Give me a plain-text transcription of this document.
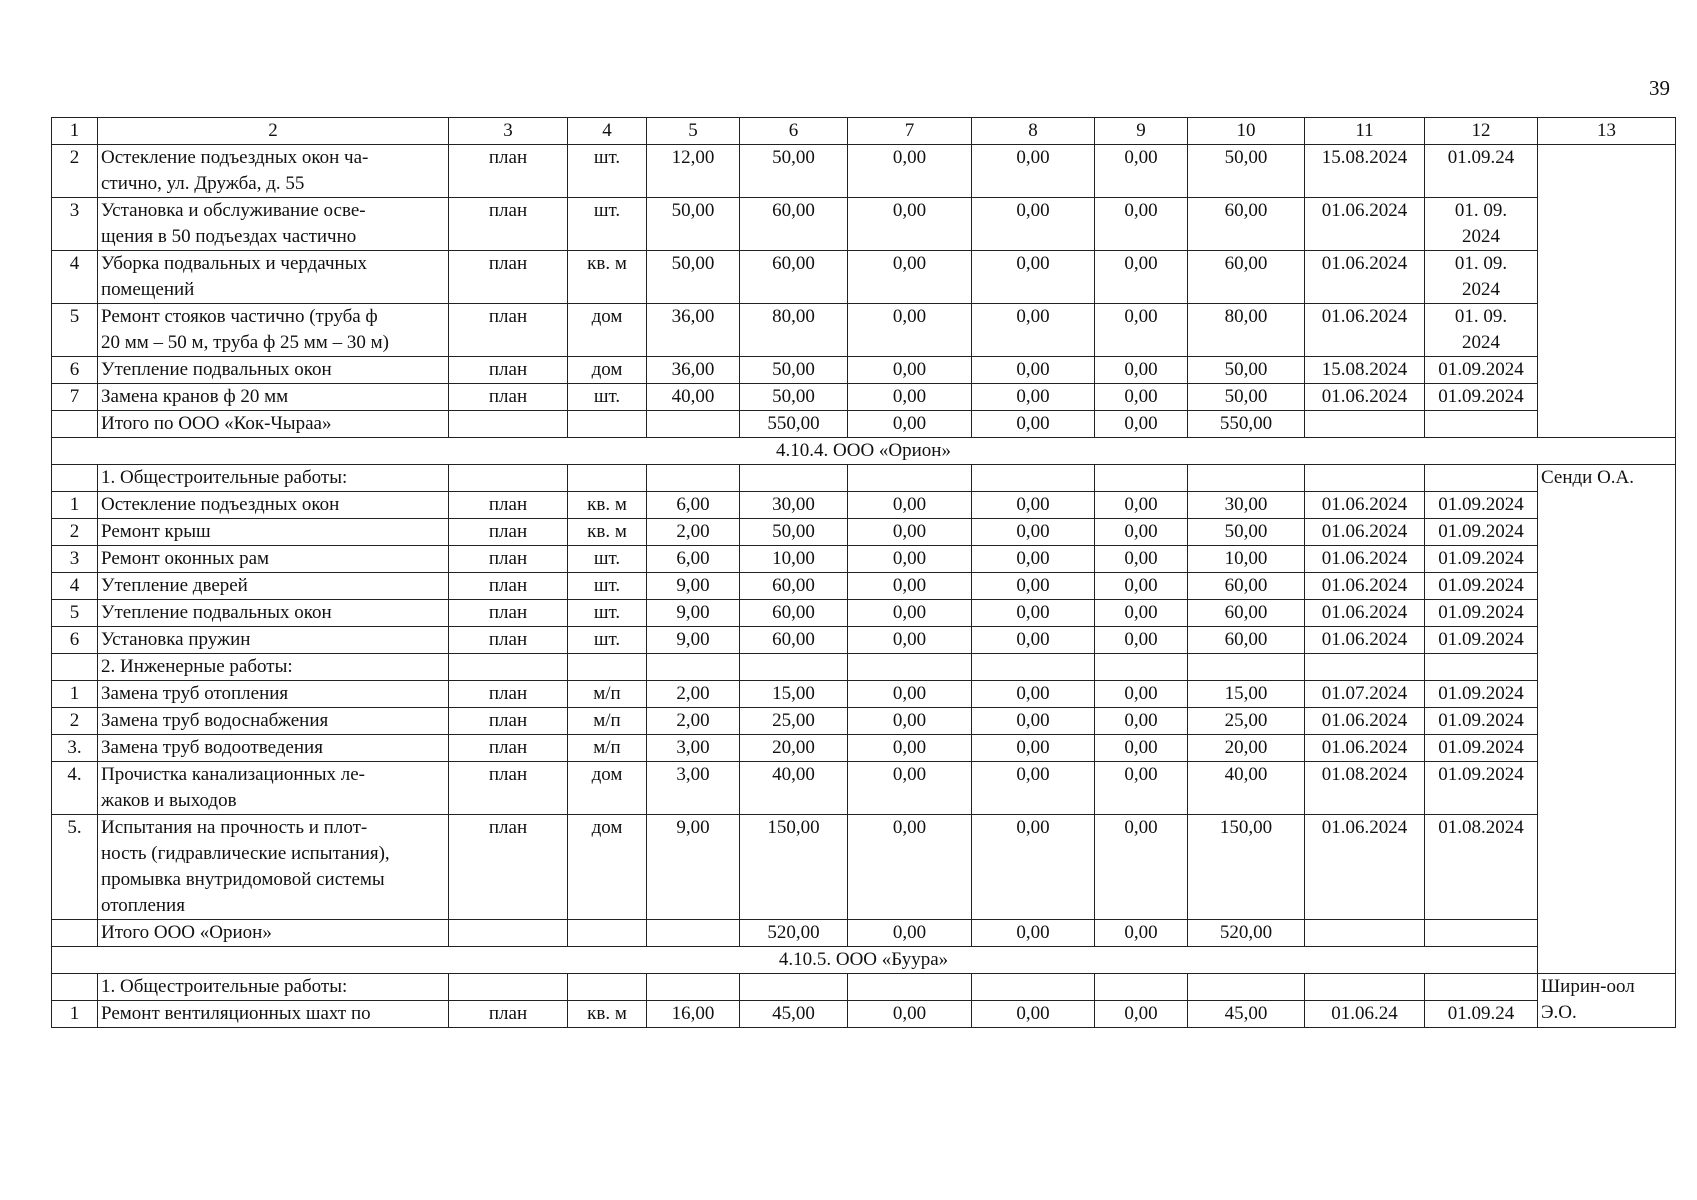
39
1	2	3	4	5	6	7	8	9	10	11	12	13
2	Остекление подъездных окон ча-
стично, ул. Дружба, д. 55	план	шт.	12,00	50,00	0,00	0,00	0,00	50,00	15.08.2024	01.09.24	

3	Установка и обслуживание осве-
щения в 50 подъездах частично	план	шт.	50,00	60,00	0,00	0,00	0,00	60,00	01.06.2024	01. 09.
2024	

4	Уборка подвальных и чердачных
помещений	план	кв. м	50,00	60,00	0,00	0,00	0,00	60,00	01.06.2024	01. 09.
2024	

5	Ремонт стояков частично (труба ф
20 мм – 50 м, труба ф 25 мм – 30 м)	план	дом	36,00	80,00	0,00	0,00	0,00	80,00	01.06.2024	01. 09.
2024	

6	Утепление подвальных окон	план	дом	36,00	50,00	0,00	0,00	0,00	50,00	15.08.2024	01.09.2024	
7	Замена кранов ф 20 мм	план	шт.	40,00	50,00	0,00	0,00	0,00	50,00	01.06.2024	01.09.2024	
	Итого по ООО «Кок-Чыраа»				550,00	0,00	0,00	0,00	550,00			
4.10.4. ООО «Орион»												
	1. Общестроительные работы:											Сенди О.А.
1	Остекление подъездных окон	план	кв. м	6,00	30,00	0,00	0,00	0,00	30,00	01.06.2024	01.09.2024	
2	Ремонт крыш	план	кв. м	2,00	50,00	0,00	0,00	0,00	50,00	01.06.2024	01.09.2024	
3	Ремонт оконных рам	план	шт.	6,00	10,00	0,00	0,00	0,00	10,00	01.06.2024	01.09.2024	
4	Утепление дверей	план	шт.	9,00	60,00	0,00	0,00	0,00	60,00	01.06.2024	01.09.2024	
5	Утепление подвальных окон	план	шт.	9,00	60,00	0,00	0,00	0,00	60,00	01.06.2024	01.09.2024	
6	Установка пружин	план	шт.	9,00	60,00	0,00	0,00	0,00	60,00	01.06.2024	01.09.2024	
	2. Инженерные работы:											
1	Замена труб отопления	план	м/п	2,00	15,00	0,00	0,00	0,00	15,00	01.07.2024	01.09.2024	
2	Замена труб водоснабжения	план	м/п	2,00	25,00	0,00	0,00	0,00	25,00	01.06.2024	01.09.2024	
3.	Замена труб водоотведения	план	м/п	3,00	20,00	0,00	0,00	0,00	20,00	01.06.2024	01.09.2024	
4.	Прочистка канализационных ле-
жаков и выходов	план	дом	3,00	40,00	0,00	0,00	0,00	40,00	01.08.2024	01.09.2024	
5.	Испытания на прочность и плот-
ность (гидравлические испытания),
промывка внутридомовой системы
отопления	план	дом	9,00	150,00	0,00	0,00	0,00	150,00	01.06.2024	01.08.2024	
	Итого ООО «Орион»				520,00	0,00	0,00	0,00	520,00			
4.10.5. ООО «Буура»												
	1. Общестроительные работы:											Ширин-оол
Э.О.

1	Ремонт вентиляционных шахт по	план	кв. м	16,00	45,00	0,00	0,00	0,00	45,00	01.06.24	01.09.24	
